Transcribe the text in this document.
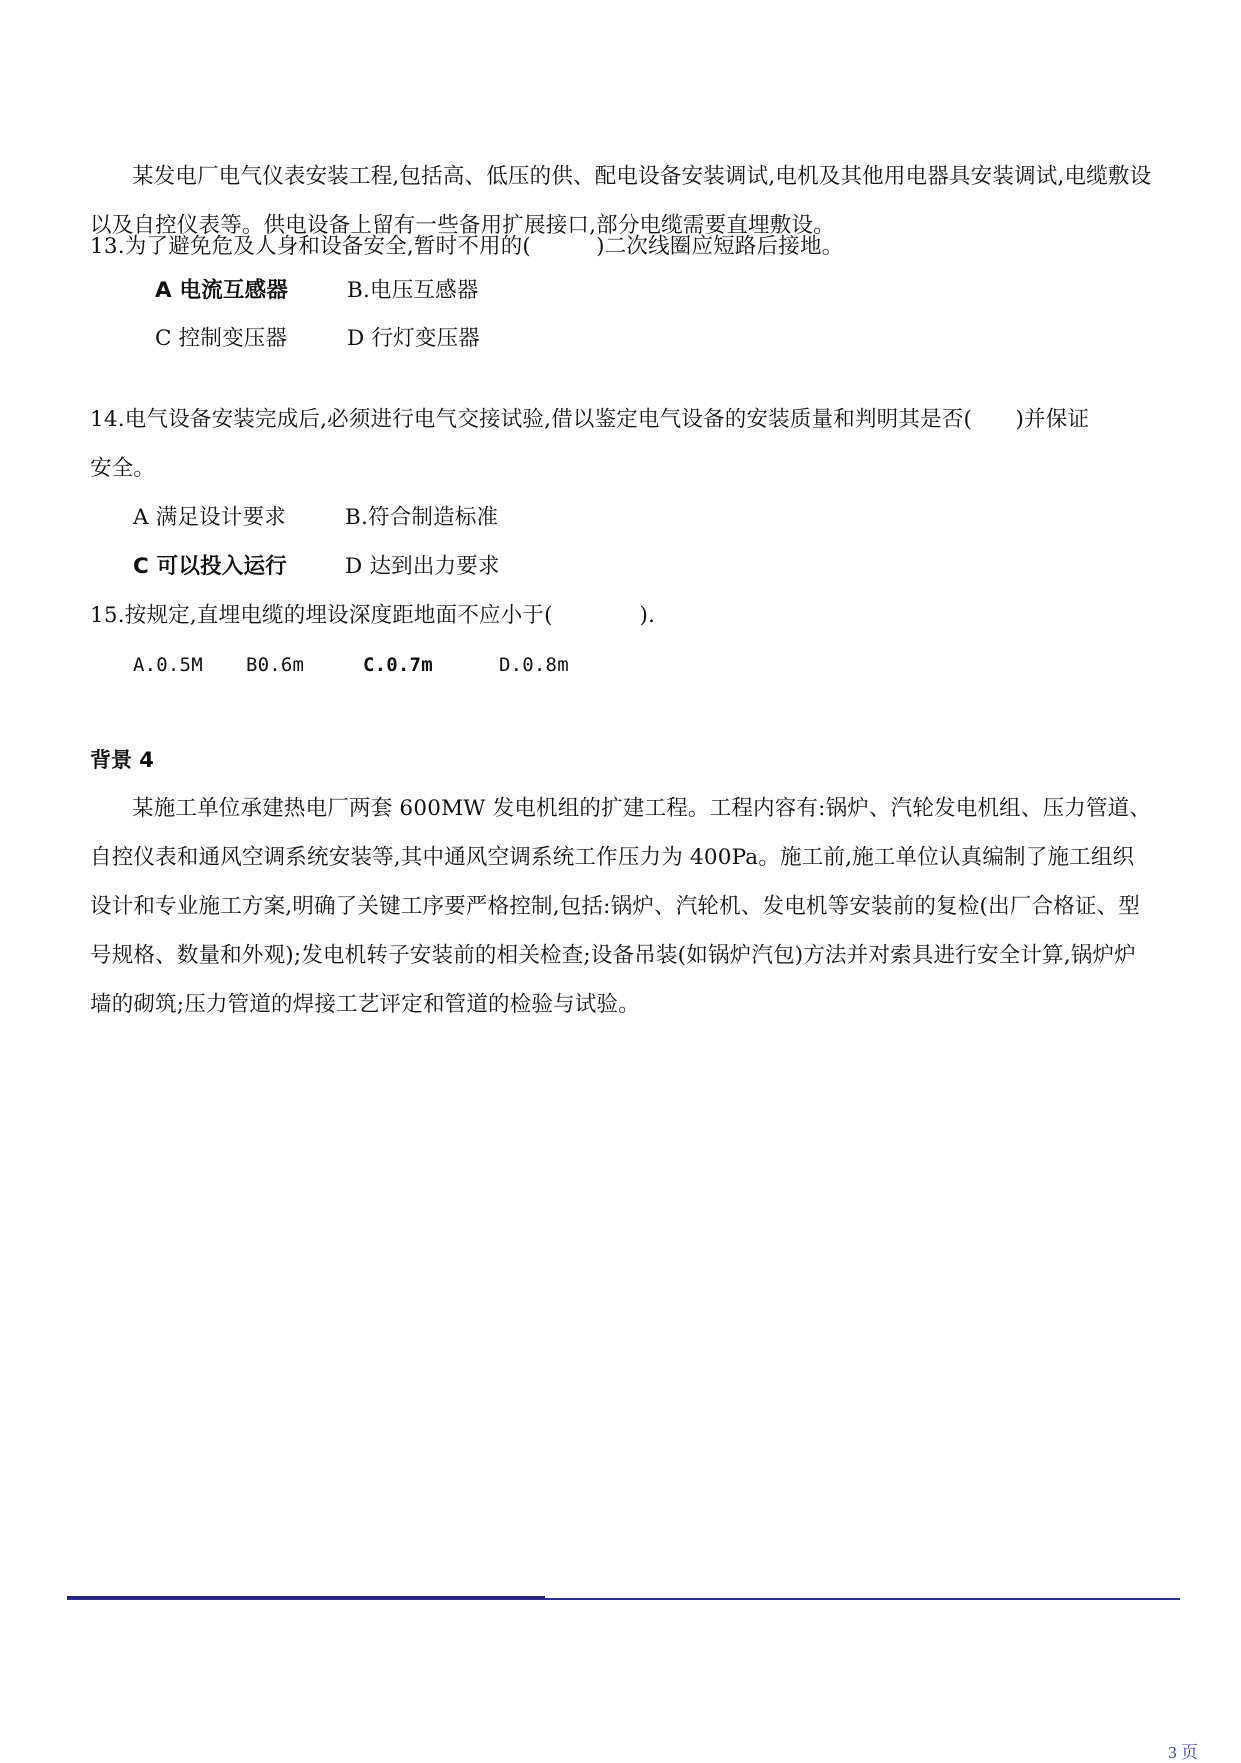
某发电厂电气仪表安装工程,包括高、低压的供、配电设备安装调试,电机及其他用电器具安装调试,电缆敷设以及自控仪表等。供电设备上留有一些备用扩展接口,部分电缆需要直埋敷设。

13.为了避免危及人身和设备安全,暂时不用的(　　　)二次线圈应短路后接地。
A 电流互感器	B.电压互感器
C 控制变压器	D 行灯变压器
14.电气设备安装完成后,必须进行电气交接试验,借以鉴定电气设备的安装质量和判明其是否(　　)并保证
安全。
A 满足设计要求	B.符合制造标准
C 可以投入运行	D 达到出力要求
15.按规定,直埋电缆的埋设深度距地面不应小于(　　　　).
A.0.5M B0.6m	C.0.7m	D.0.8m
背景 4

某施工单位承建热电厂两套 600MW 发电机组的扩建工程。工程内容有:锅炉、汽轮发电机组、压力管道、自控仪表和通风空调系统安装等,其中通风空调系统工作压力为 400Pa。施工前,施工单位认真编制了施工组织设计和专业施工方案,明确了关键工序要严格控制,包括:锅炉、汽轮机、发电机等安装前的复检(出厂合格证、型号规格、数量和外观);发电机转子安装前的相关检查;设备吊装(如锅炉汽包)方法并对索具进行安全计算,锅炉炉墙的砌筑;压力管道的焊接工艺评定和管道的检验与试验。

3 页
